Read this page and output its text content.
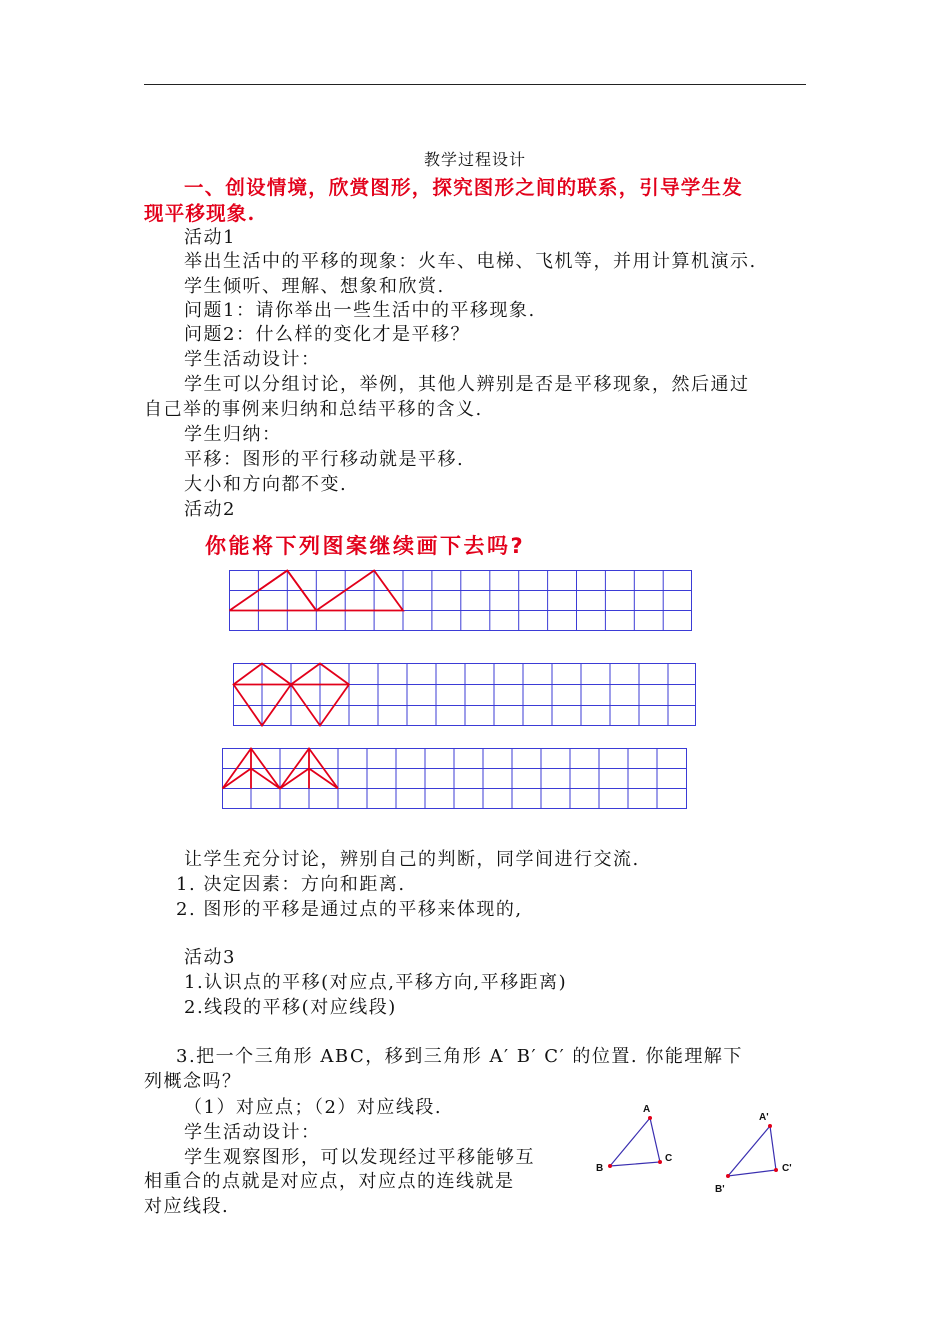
教学过程设计
一、创设情境，欣赏图形，探究图形之间的联系，引导学生发
现平移现象.
活动1
举出生活中的平移的现象：火车、电梯、飞机等，并用计算机演示.
学生倾听、理解、想象和欣赏.
问题1：请你举出一些生活中的平移现象.
问题2：什么样的变化才是平移？
学生活动设计：
学生可以分组讨论，举例，其他人辨别是否是平移现象，然后通过
自己举的事例来归纳和总结平移的含义.
学生归纳：
平移：图形的平行移动就是平移.
大小和方向都不变.
活动2
你能将下列图案继续画下去吗?
让学生充分讨论，辨别自己的判断，同学间进行交流.
1. 决定因素：方向和距离.
2. 图形的平移是通过点的平移来体现的,
活动3
1.认识点的平移(对应点,平移方向,平移距离)
2.线段的平移(对应线段)
3.把一个三角形 ABC，移到三角形 A′ B′ C′ 的位置. 你能理解下
列概念吗？
（1）对应点；（2）对应线段.
学生活动设计：
学生观察图形，可以发现经过平移能够互
相重合的点就是对应点，对应点的连线就是
对应线段.
A
B
C
A'
B'
C'
